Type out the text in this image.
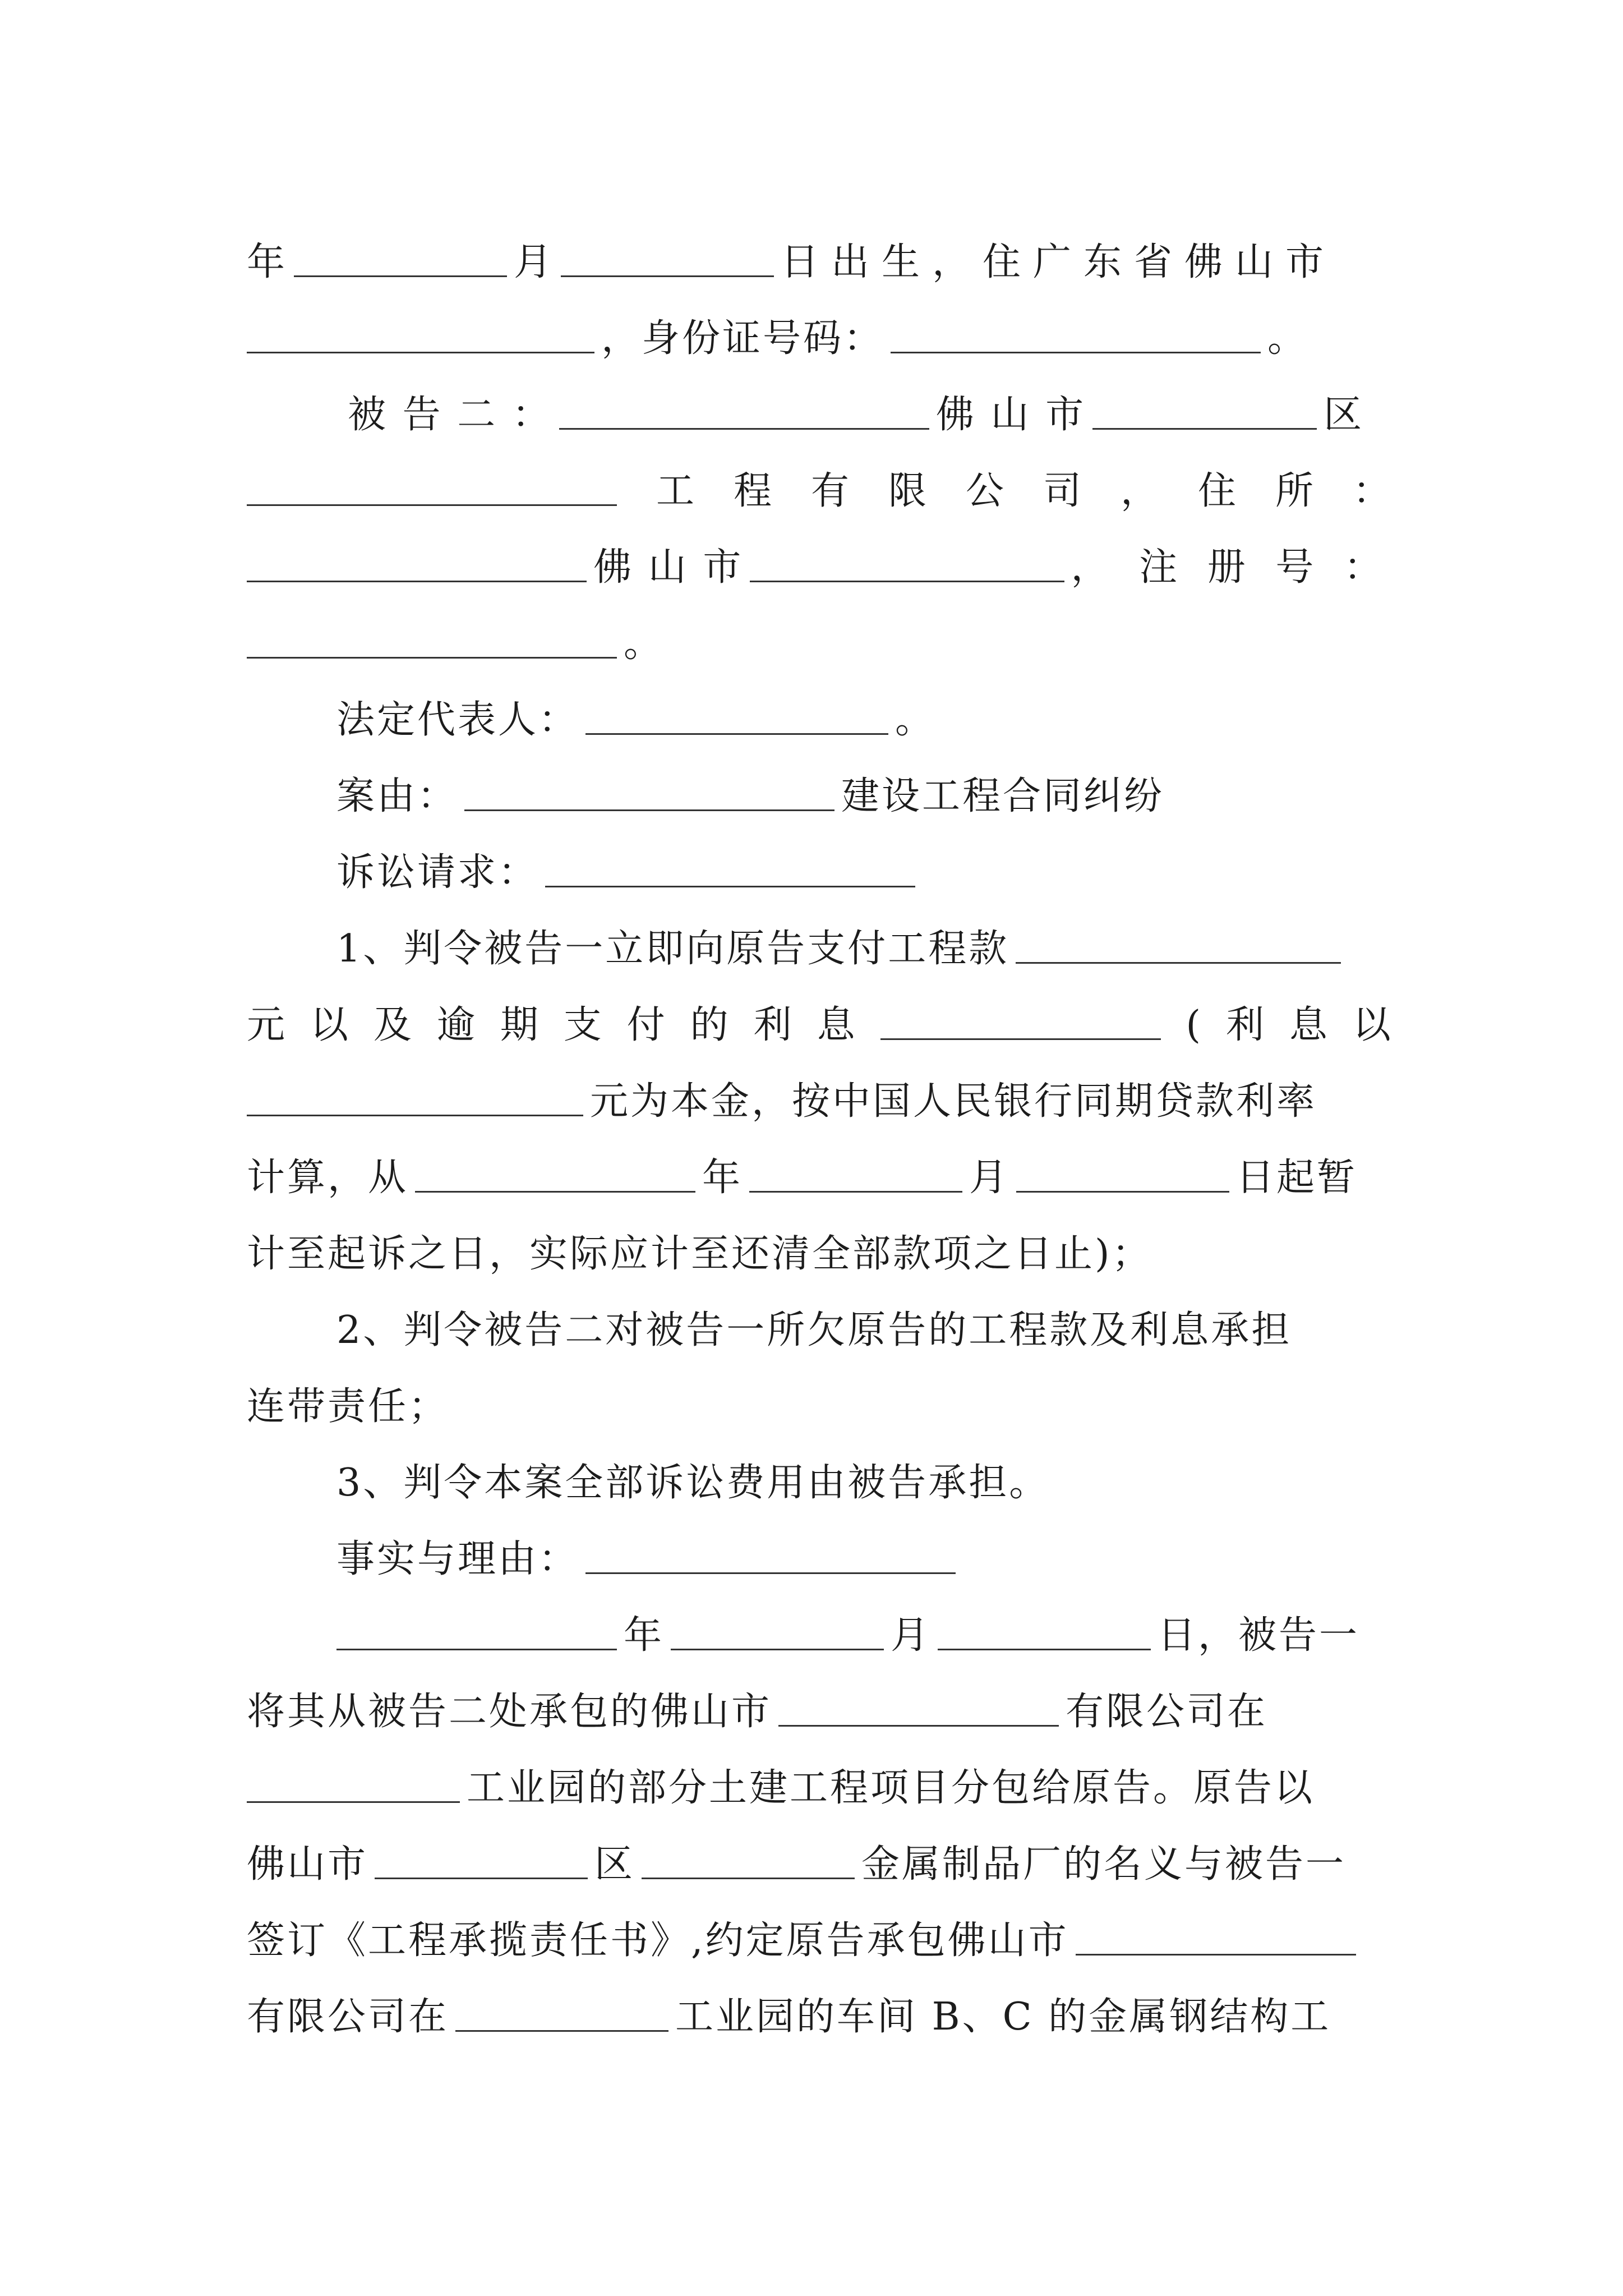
年	月	日出生，住广东省佛山市
，身份证号码：	。
被 告 二 ：	佛 山 市	区
工 程 有 限 公 司 ， 住 所 ：
佛 山 市	， 注 册 号 ：
。
法定代表人：	。
案由：	建设工程合同纠纷
诉讼请求：
1、判令被告一立即向原告支付工程款
元 以 及 逾 期 支 付 的 利 息	( 利 息 以
元为本金，按中国人民银行同期贷款利率
计算，从	年	月	日起暂
计至起诉之日，实际应计至还清全部款项之日止)；
2、判令被告二对被告一所欠原告的工程款及利息承担
连带责任；
3、判令本案全部诉讼费用由被告承担。
事实与理由：
年	月	日，被告一
将其从被告二处承包的佛山市	有限公司在
工业园的部分土建工程项目分包给原告。原告以
佛山市	区	金属制品厂的名义与被告一
签订《工程承揽责任书》,约定原告承包佛山市
有限公司在	工业园的车间 B、C 的金属钢结构工
